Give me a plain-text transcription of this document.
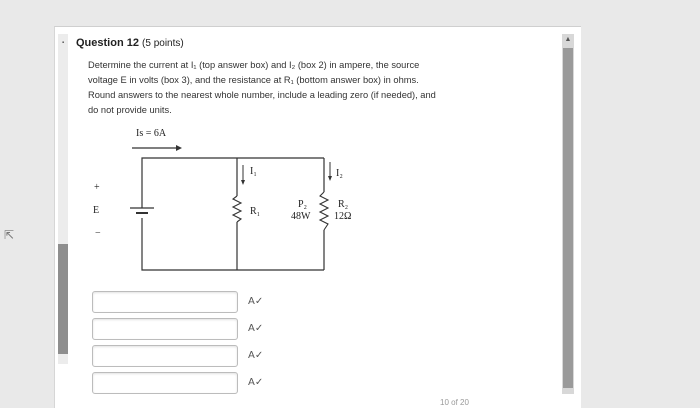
⇱
▲
▪ Question 12 (5 points)

Determine the current at I₁ (top answer box) and I₂ (box 2) in ampere, the source

voltage E in volts (box 3), and the resistance at R₁ (bottom answer box) in ohms.

Round answers to the nearest whole number, include a leading zero (if needed), and

do not provide units.

Is = 6A
+
E
−
I₁
R₁
P₂
48W
I₂
R₂
12Ω
A✓
A✓
A✓
A✓
10 of 20
